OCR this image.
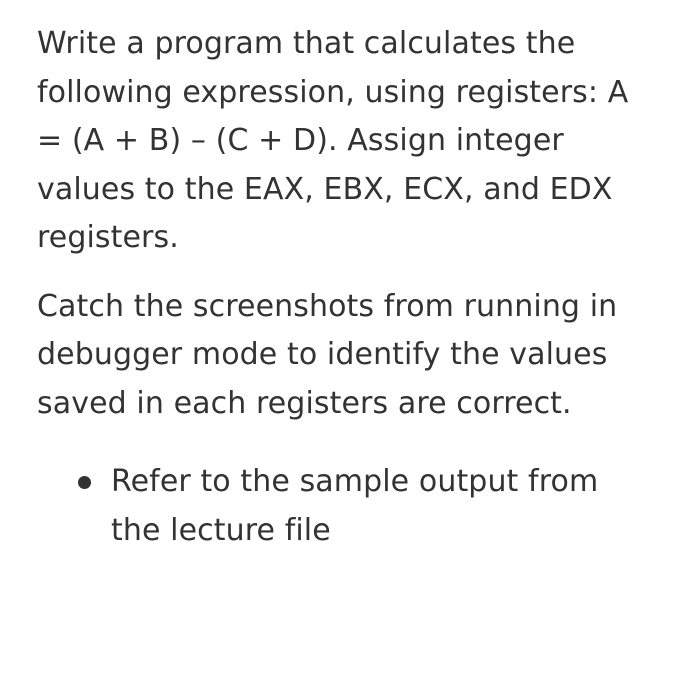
Write a program that calculates the
following expression, using registers: A
= (A + B) – (C + D). Assign integer
values to the EAX, EBX, ECX, and EDX
registers.

Catch the screenshots from running in
debugger mode to identify the values
saved in each registers are correct.

Refer to the sample output from
the lecture file
